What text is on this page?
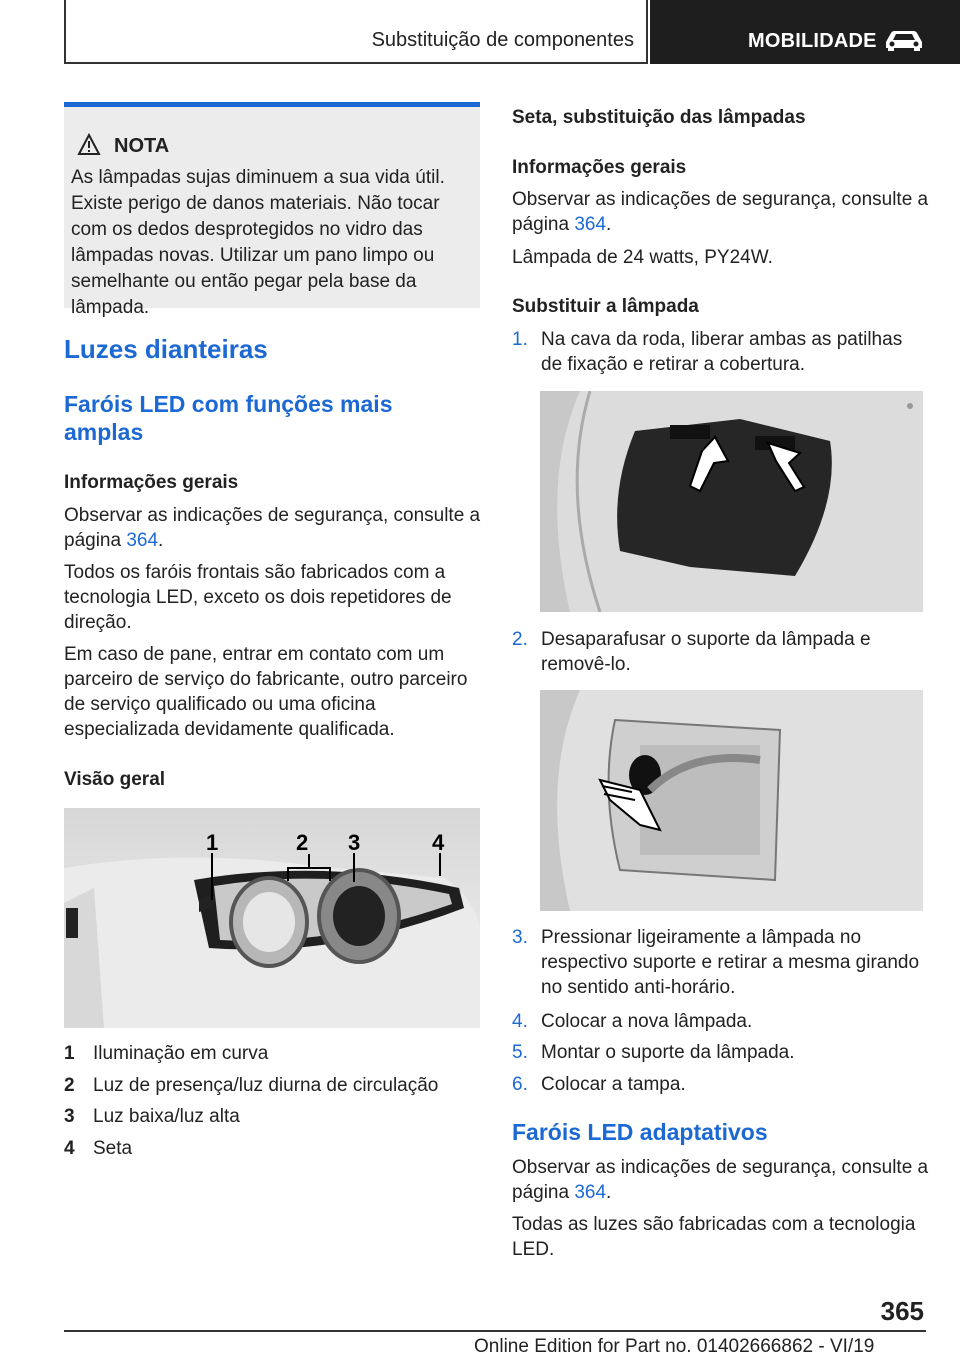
Substituição de componentes	MOBILIDADE
NOTA
As lâmpadas sujas diminuem a sua vida útil. Existe perigo de danos materiais. Não tocar com os dedos desprotegidos no vidro das lâmpadas novas. Utilizar um pano limpo ou semelhante ou então pegar pela base da lâmpada.
Luzes dianteiras
Faróis LED com funções mais amplas
Informações gerais
Observar as indicações de segurança, consulte a página 364.
Todos os faróis frontais são fabricados com a tecnologia LED, exceto os dois repetidores de direção.
Em caso de pane, entrar em contato com um parceiro de serviço do fabricante, outro parceiro de serviço qualificado ou uma oficina especializada devidamente qualificada.
Visão geral
1	2 3	4
1 Iluminação em curva
2 Luz de presença/luz diurna de circulação
3 Luz baixa/luz alta
4 Seta
Seta, substituição das lâmpadas
Informações gerais
Observar as indicações de segurança, consulte a página 364.
Lâmpada de 24 watts, PY24W.
Substituir a lâmpada
1. Na cava da roda, liberar ambas as patilhas de fixação e retirar a cobertura.
2. Desaparafusar o suporte da lâmpada e removê-lo.
3. Pressionar ligeiramente a lâmpada no respectivo suporte e retirar a mesma girando no sentido anti-horário.
4. Colocar a nova lâmpada.
5. Montar o suporte da lâmpada.
6. Colocar a tampa.
Faróis LED adaptativos
Observar as indicações de segurança, consulte a página 364.
Todas as luzes são fabricadas com a tecnologia LED.
365
Online Edition for Part no. 01402666862 - VI/19
